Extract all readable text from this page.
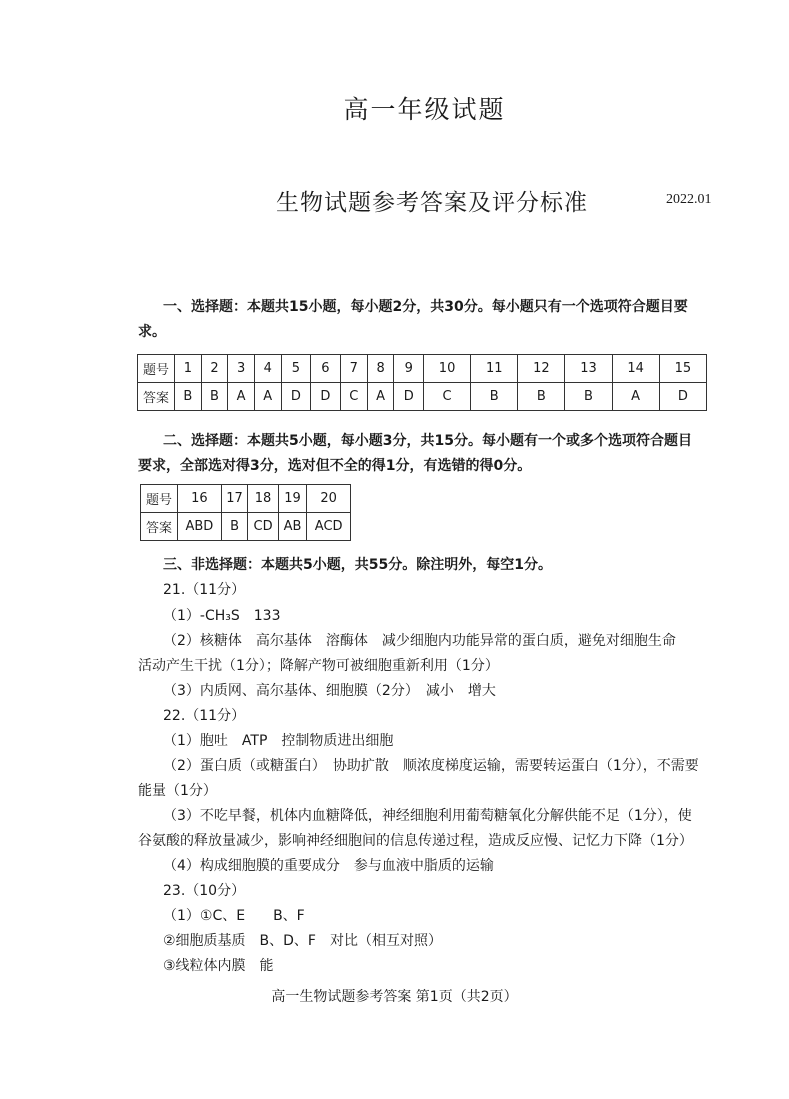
高一年级试题
生物试题参考答案及评分标准	2022.01
一、选择题：本题共15小题，每小题2分，共30分。每小题只有一个选项符合题目要
求。
题号	1	2	3	4	5	6	7	8	9	10	11	12	13	14	15
答案	B	B	A	A	D	D	C	A	D	C	B	B	B	A	D
二、选择题：本题共5小题，每小题3分，共15分。每小题有一个或多个选项符合题目
要求，全部选对得3分，选对但不全的得1分，有选错的得0分。
题号	16	17	18	19	20
答案	ABD	B	CD	AB	ACD
三、非选择题：本题共5小题，共55分。除注明外，每空1分。
21.（11分）
（1）-CH₃S　133
（2）核糖体　高尔基体　溶酶体　减少细胞内功能异常的蛋白质，避免对细胞生命
活动产生干扰（1分）；降解产物可被细胞重新利用（1分）
（3）内质网、高尔基体、细胞膜（2分）　减小　增大
22.（11分）
（1）胞吐　ATP　控制物质进出细胞
（2）蛋白质（或糖蛋白）　协助扩散　顺浓度梯度运输，需要转运蛋白（1分），不需要
能量（1分）
（3）不吃早餐，机体内血糖降低，神经细胞利用葡萄糖氧化分解供能不足（1分），使
谷氨酸的释放量减少，影响神经细胞间的信息传递过程，造成反应慢、记忆力下降（1分）
（4）构成细胞膜的重要成分　参与血液中脂质的运输
23.（10分）
（1）①C、E　　B、F
②细胞质基质　B、D、F　对比（相互对照）
③线粒体内膜　能
高一生物试题参考答案 第1页（共2页）
